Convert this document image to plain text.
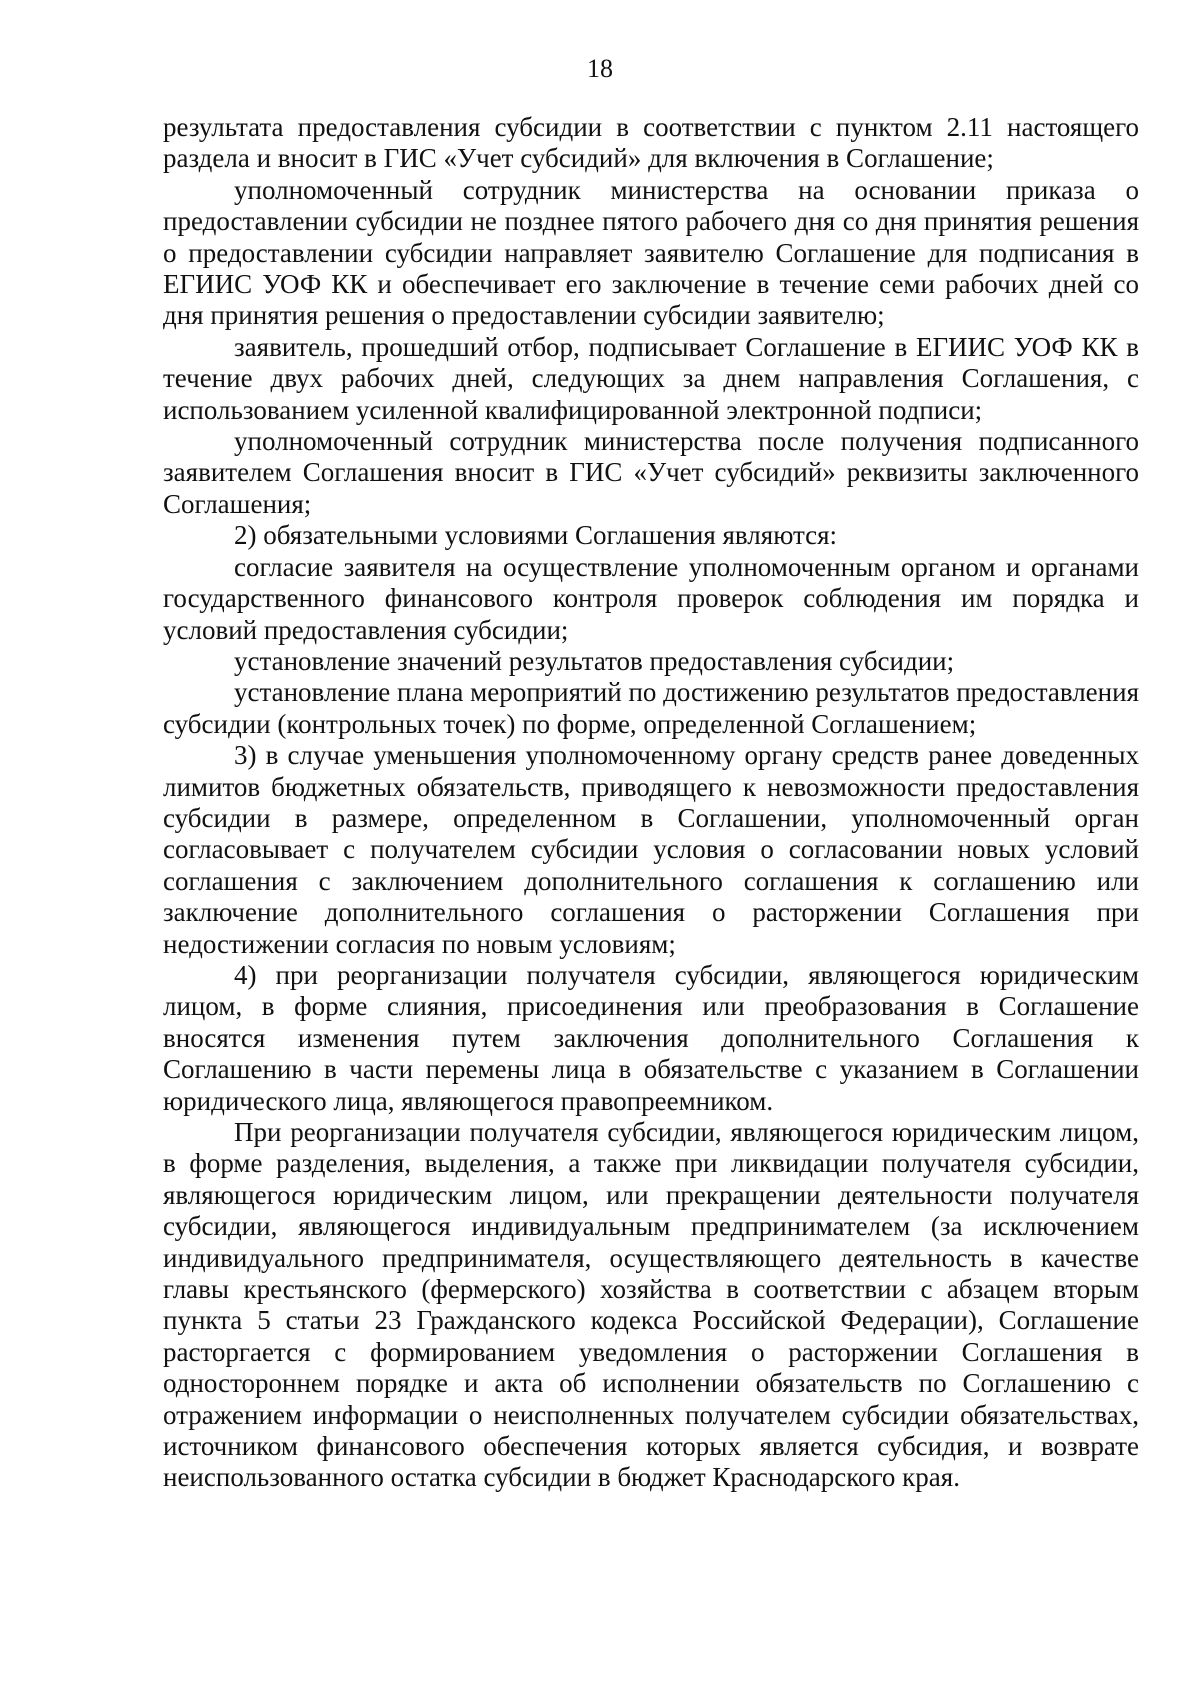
18

результата предоставления субсидии в соответствии с пунктом 2.11 настоящего раздела и вносит в ГИС «Учет субсидий» для включения в Соглашение;

уполномоченный сотрудник министерства на основании приказа о предоставлении субсидии не позднее пятого рабочего дня со дня принятия решения о предоставлении субсидии направляет заявителю Соглашение для подписания в ЕГИИС УОФ КК и обеспечивает его заключение в течение семи рабочих дней со дня принятия решения о предоставлении субсидии заявителю;

заявитель, прошедший отбор, подписывает Соглашение в ЕГИИС УОФ КК в течение двух рабочих дней, следующих за днем направления Соглашения, с использованием усиленной квалифицированной электронной подписи;

уполномоченный сотрудник министерства после получения подписанного заявителем Соглашения вносит в ГИС «Учет субсидий» реквизиты заключенного Соглашения;

2) обязательными условиями Соглашения являются:

согласие заявителя на осуществление уполномоченным органом и органами государственного финансового контроля проверок соблюдения им порядка и условий предоставления субсидии;

установление значений результатов предоставления субсидии;

установление плана мероприятий по достижению результатов предоставления субсидии (контрольных точек) по форме, определенной Соглашением;

3) в случае уменьшения уполномоченному органу средств ранее доведенных лимитов бюджетных обязательств, приводящего к невозможности предоставления субсидии в размере, определенном в Соглашении, уполномоченный орган согласовывает с получателем субсидии условия о согласовании новых условий соглашения с заключением дополнительного соглашения к соглашению или заключение дополнительного соглашения о расторжении Соглашения при недостижении согласия по новым условиям;

4) при реорганизации получателя субсидии, являющегося юридическим лицом, в форме слияния, присоединения или преобразования в Соглашение вносятся изменения путем заключения дополнительного Соглашения к Соглашению в части перемены лица в обязательстве с указанием в Соглашении юридического лица, являющегося правопреемником.

При реорганизации получателя субсидии, являющегося юридическим лицом, в форме разделения, выделения, а также при ликвидации получателя субсидии, являющегося юридическим лицом, или прекращении деятельности получателя субсидии, являющегося индивидуальным предпринимателем (за исключением индивидуального предпринимателя, осуществляющего деятельность в качестве главы крестьянского (фермерского) хозяйства в соответствии с абзацем вторым пункта 5 статьи 23 Гражданского кодекса Российской Федерации), Соглашение расторгается с формированием уведомления о расторжении Соглашения в одностороннем порядке и акта об исполнении обязательств по Соглашению с отражением информации о неисполненных получателем субсидии обязательствах, источником финансового обеспечения которых является субсидия, и возврате неиспользованного остатка субсидии в бюджет Краснодарского края.
